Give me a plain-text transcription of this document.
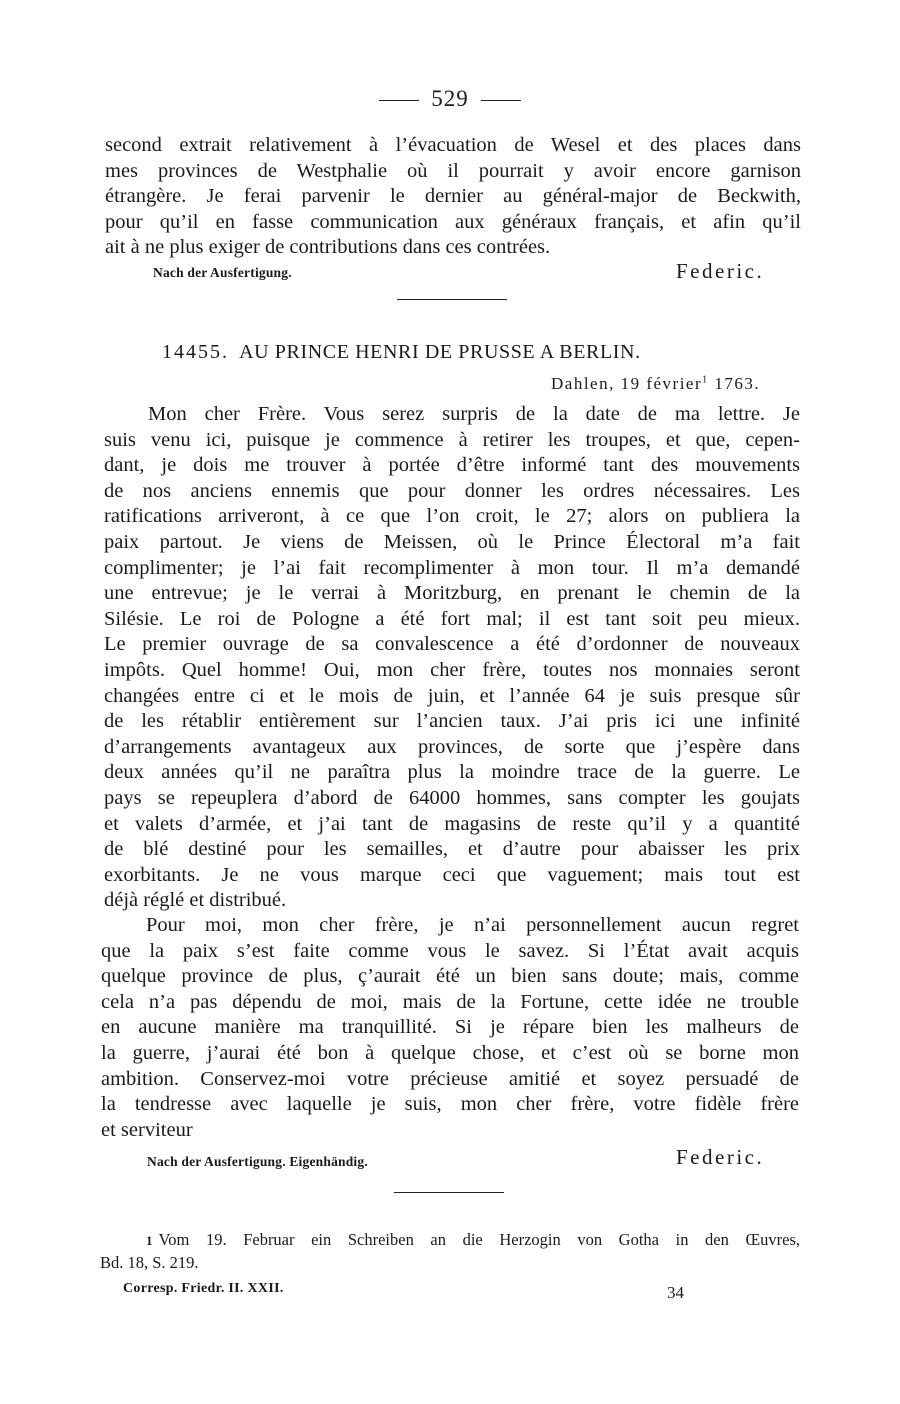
529
second extrait relativement à l’évacuation de Wesel et des places dans
mes provinces de Westphalie où il pourrait y avoir encore garnison
étrangère. Je ferai parvenir le dernier au général-major de Beckwith,
pour qu’il en fasse communication aux généraux français, et afin qu’il
ait à ne plus exiger de contributions dans ces contrées.
Nach der Ausfertigung.	Federic.
14455. AU PRINCE HENRI DE PRUSSE A BERLIN.
Dahlen, 19 février$^1$ 1763.
Mon cher Frère. Vous serez surpris de la date de ma lettre. Je
suis venu ici, puisque je commence à retirer les troupes, et que, cepen-
dant, je dois me trouver à portée d’être informé tant des mouvements
de nos anciens ennemis que pour donner les ordres nécessaires. Les
ratifications arriveront, à ce que l’on croit, le 27; alors on publiera la
paix partout. Je viens de Meissen, où le Prince Électoral m’a fait
complimenter; je l’ai fait recomplimenter à mon tour. Il m’a demandé
une entrevue; je le verrai à Moritzburg, en prenant le chemin de la
Silésie. Le roi de Pologne a été fort mal; il est tant soit peu mieux.
Le premier ouvrage de sa convalescence a été d’ordonner de nouveaux
impôts. Quel homme! Oui, mon cher frère, toutes nos monnaies seront
changées entre ci et le mois de juin, et l’année 64 je suis presque sûr
de les rétablir entièrement sur l’ancien taux. J’ai pris ici une infinité
d’arrangements avantageux aux provinces, de sorte que j’espère dans
deux années qu’il ne paraîtra plus la moindre trace de la guerre. Le
pays se repeuplera d’abord de 64000 hommes, sans compter les goujats
et valets d’armée, et j’ai tant de magasins de reste qu’il y a quantité
de blé destiné pour les semailles, et d’autre pour abaisser les prix
exorbitants. Je ne vous marque ceci que vaguement; mais tout est
déjà réglé et distribué.
Pour moi, mon cher frère, je n’ai personnellement aucun regret
que la paix s’est faite comme vous le savez. Si l’État avait acquis
quelque province de plus, ç’aurait été un bien sans doute; mais, comme
cela n’a pas dépendu de moi, mais de la Fortune, cette idée ne trouble
en aucune manière ma tranquillité. Si je répare bien les malheurs de
la guerre, j’aurai été bon à quelque chose, et c’est où se borne mon
ambition. Conservez-moi votre précieuse amitié et soyez persuadé de
la tendresse avec laquelle je suis, mon cher frère, votre fidèle frère
et serviteur
Nach der Ausfertigung. Eigenhändig.	Federic.
1 Vom 19. Februar ein Schreiben an die Herzogin von Gotha in den Œuvres,
Bd. 18, S. 219.
Corresp. Friedr. II. XXII.	34
